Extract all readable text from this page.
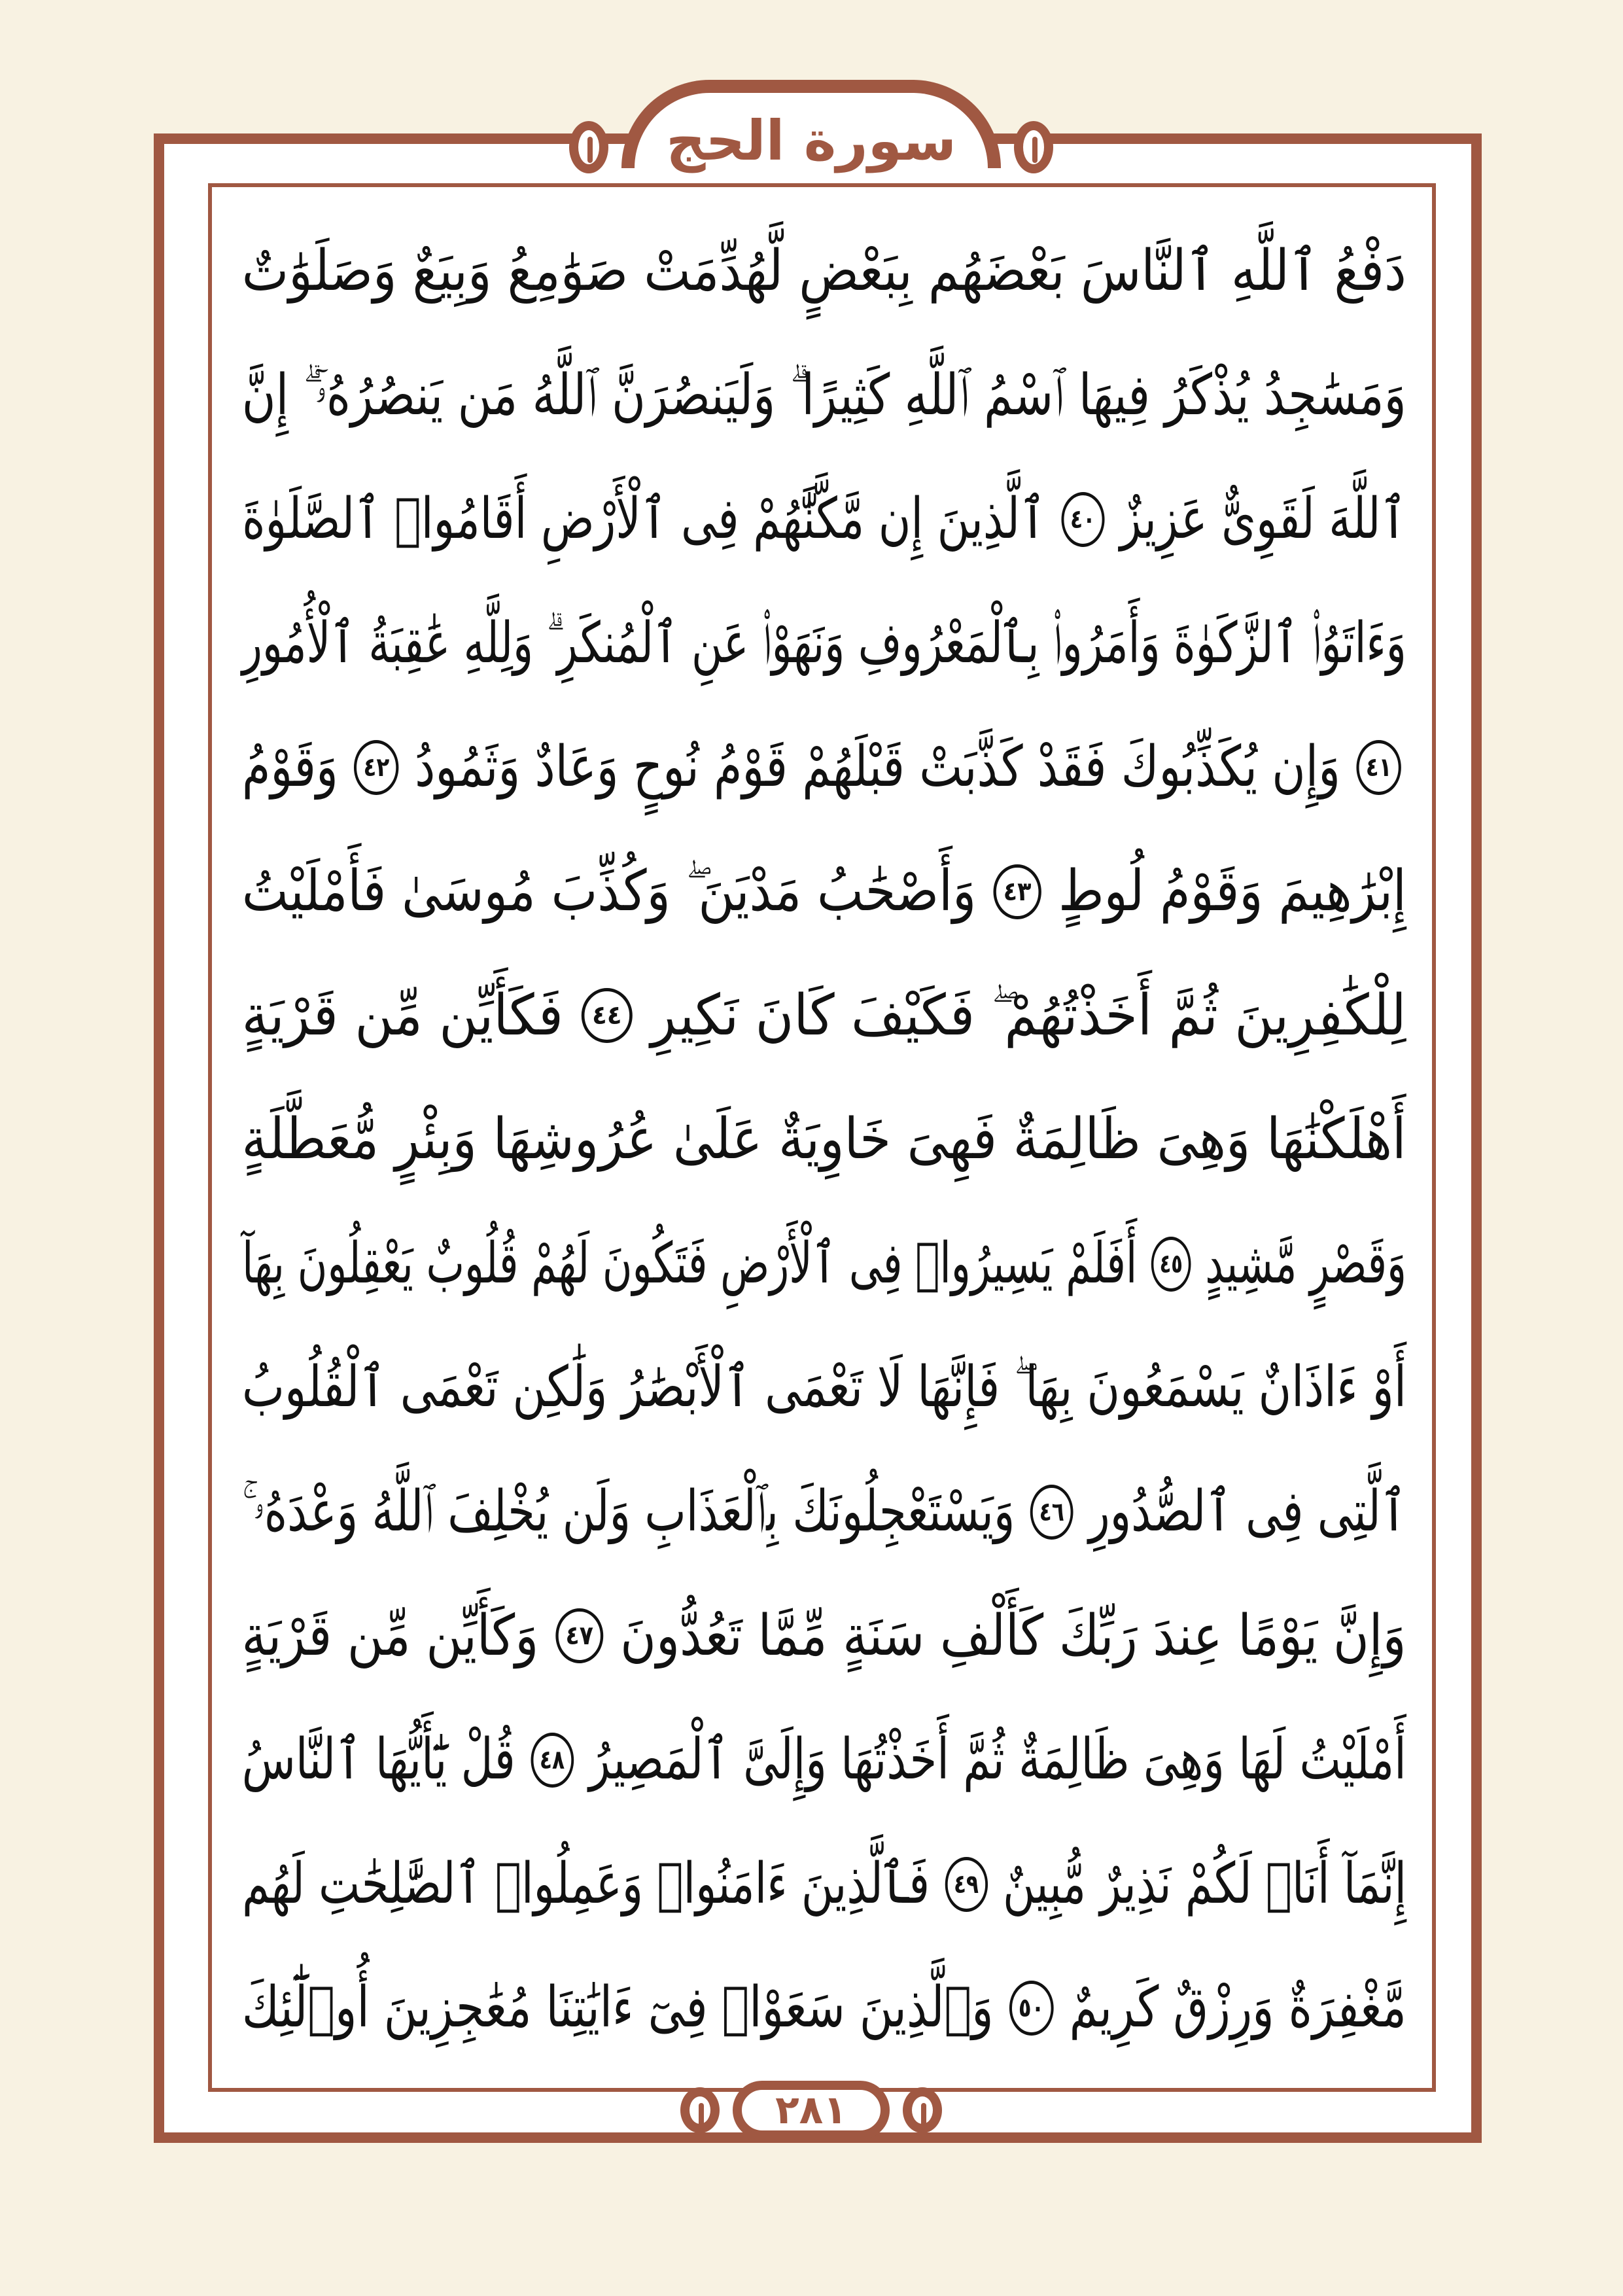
سورة الحج
دَفْعُ ٱللَّهِ ٱلنَّاسَ بَعْضَهُم بِبَعْضٍ لَّهُدِّمَتْ صَوَٰمِعُ وَبِيَعٌ وَصَلَوَٰتٌ
وَمَسَٰجِدُ يُذْكَرُ فِيهَا ٱسْمُ ٱللَّهِ كَثِيرًا ۗ وَلَيَنصُرَنَّ ٱللَّهُ مَن يَنصُرُهُۥٓ ۗ إِنَّ
ٱللَّهَ لَقَوِىٌّ عَزِيزٌ
٤٠
ٱلَّذِينَ إِن مَّكَّنَّٰهُمْ فِى ٱلْأَرْضِ أَقَامُوا۟ ٱلصَّلَوٰةَ
وَءَاتَوُا۟ ٱلزَّكَوٰةَ وَأَمَرُوا۟ بِٱلْمَعْرُوفِ وَنَهَوْا۟ عَنِ ٱلْمُنكَرِ ۗ وَلِلَّهِ عَٰقِبَةُ ٱلْأُمُورِ
٤١
وَإِن يُكَذِّبُوكَ فَقَدْ كَذَّبَتْ قَبْلَهُمْ قَوْمُ نُوحٍ وَعَادٌ وَثَمُودُ
٤٢
وَقَوْمُ
إِبْرَٰهِيمَ وَقَوْمُ لُوطٍ
٤٣
وَأَصْحَٰبُ مَدْيَنَ ۖ وَكُذِّبَ مُوسَىٰ فَأَمْلَيْتُ
لِلْكَٰفِرِينَ ثُمَّ أَخَذْتُهُمْ ۖ فَكَيْفَ كَانَ نَكِيرِ
٤٤
فَكَأَيِّن مِّن قَرْيَةٍ
أَهْلَكْنَٰهَا وَهِىَ ظَالِمَةٌ فَهِىَ خَاوِيَةٌ عَلَىٰ عُرُوشِهَا وَبِئْرٍ مُّعَطَّلَةٍ
وَقَصْرٍ مَّشِيدٍ
٤٥
أَفَلَمْ يَسِيرُوا۟ فِى ٱلْأَرْضِ فَتَكُونَ لَهُمْ قُلُوبٌ يَعْقِلُونَ بِهَآ
أَوْ ءَاذَانٌ يَسْمَعُونَ بِهَا ۖ فَإِنَّهَا لَا تَعْمَى ٱلْأَبْصَٰرُ وَلَٰكِن تَعْمَى ٱلْقُلُوبُ
ٱلَّتِى فِى ٱلصُّدُورِ
٤٦
وَيَسْتَعْجِلُونَكَ بِٱلْعَذَابِ وَلَن يُخْلِفَ ٱللَّهُ وَعْدَهُۥ ۚ
وَإِنَّ يَوْمًا عِندَ رَبِّكَ كَأَلْفِ سَنَةٍ مِّمَّا تَعُدُّونَ
٤٧
وَكَأَيِّن مِّن قَرْيَةٍ
أَمْلَيْتُ لَهَا وَهِىَ ظَالِمَةٌ ثُمَّ أَخَذْتُهَا وَإِلَىَّ ٱلْمَصِيرُ
٤٨
قُلْ يَٰٓأَيُّهَا ٱلنَّاسُ
إِنَّمَآ أَنَا۠ لَكُمْ نَذِيرٌ مُّبِينٌ
٤٩
فَٱلَّذِينَ ءَامَنُوا۟ وَعَمِلُوا۟ ٱلصَّٰلِحَٰتِ لَهُم
مَّغْفِرَةٌ وَرِزْقٌ كَرِيمٌ
٥٠
وَٱلَّذِينَ سَعَوْا۟ فِىٓ ءَايَٰتِنَا مُعَٰجِزِينَ أُو۟لَٰٓئِكَ
٢٨١
